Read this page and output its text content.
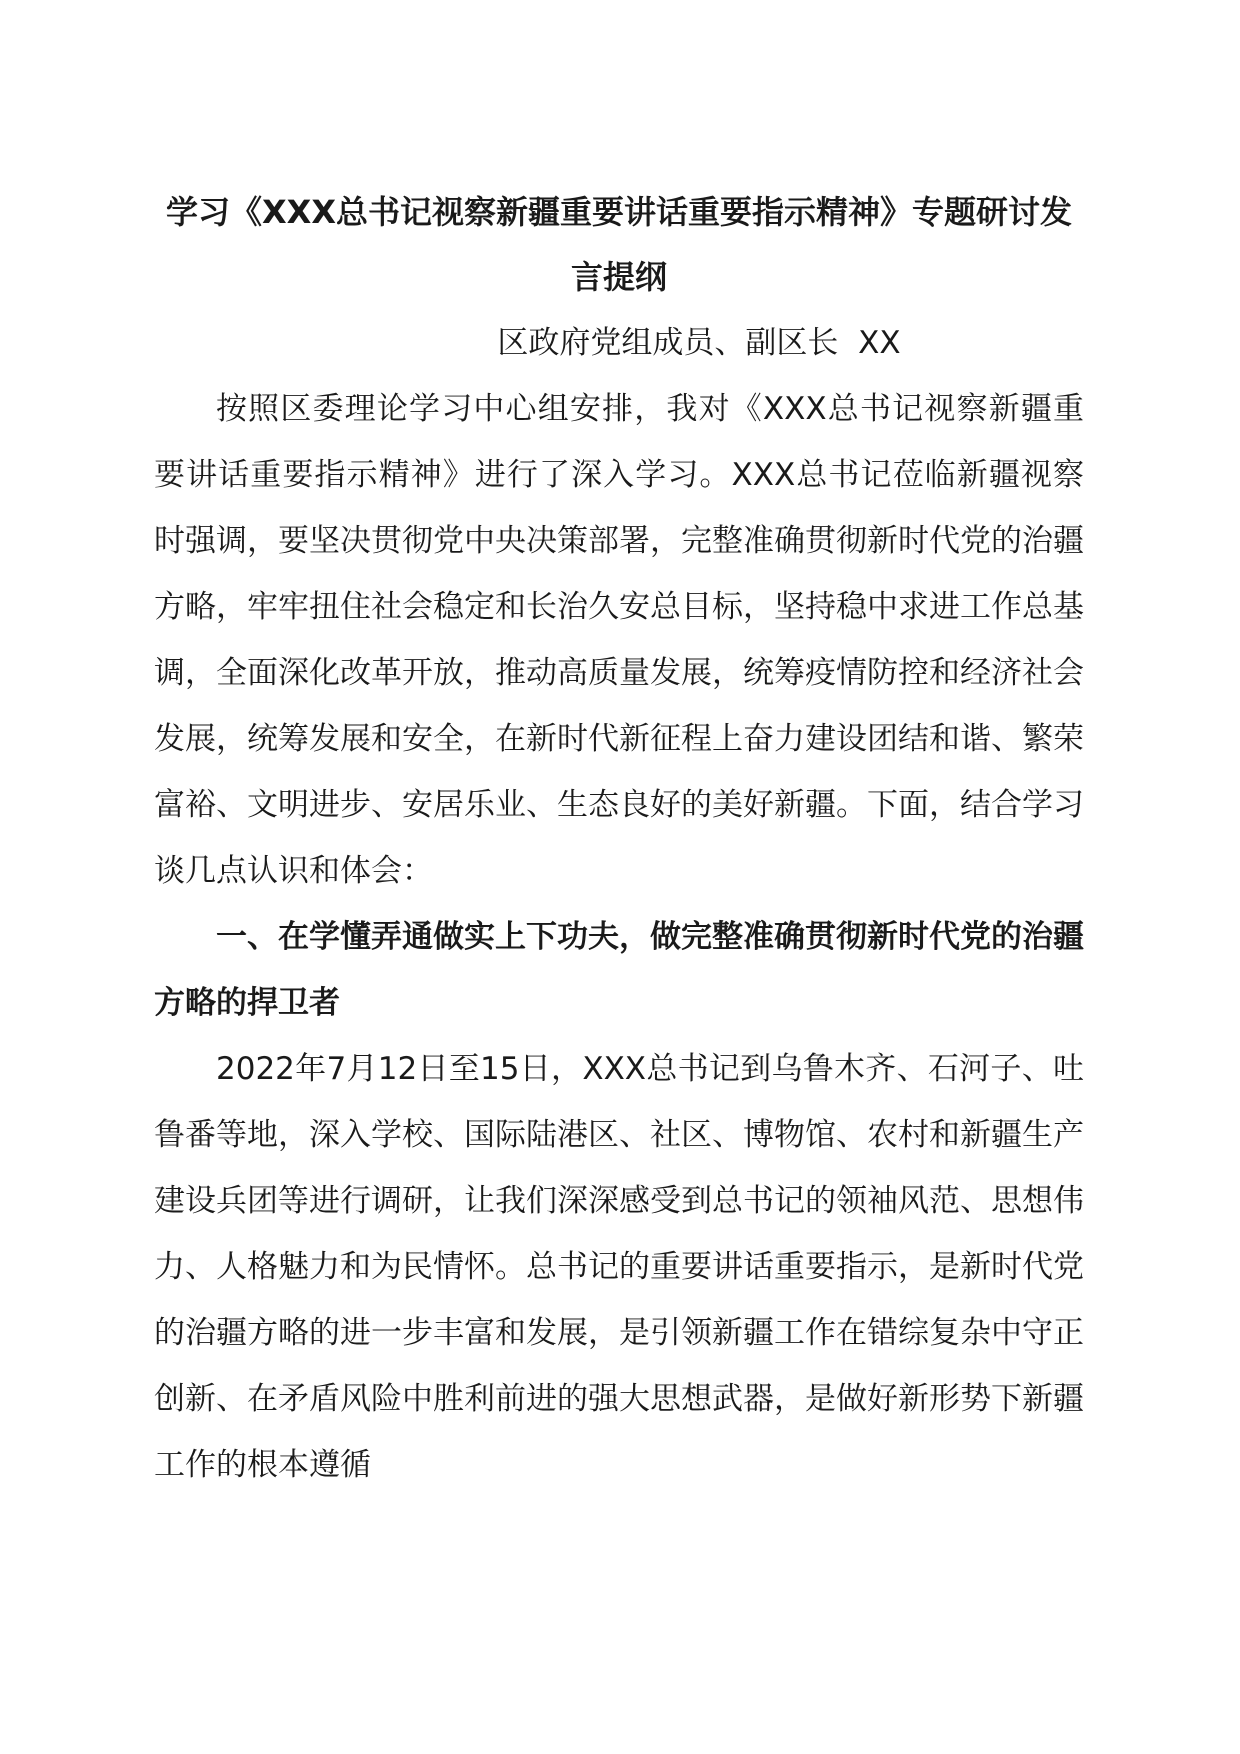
学习《XXX总书记视察新疆重要讲话重要指示精神》专题研讨发言提纲

区政府党组成员、副区长  XX

按照区委理论学习中心组安排，我对《XXX总书记视察新疆重要讲话重要指示精神》进行了深入学习。XXX总书记莅临新疆视察时强调，要坚决贯彻党中央决策部署，完整准确贯彻新时代党的治疆方略，牢牢扭住社会稳定和长治久安总目标，坚持稳中求进工作总基调，全面深化改革开放，推动高质量发展，统筹疫情防控和经济社会发展，统筹发展和安全，在新时代新征程上奋力建设团结和谐、繁荣富裕、文明进步、安居乐业、生态良好的美好新疆。下面，结合学习谈几点认识和体会：

一、在学懂弄通做实上下功夫，做完整准确贯彻新时代党的治疆方略的捍卫者

2022年7月12日至15日，XXX总书记到乌鲁木齐、石河子、吐鲁番等地，深入学校、国际陆港区、社区、博物馆、农村和新疆生产建设兵团等进行调研，让我们深深感受到总书记的领袖风范、思想伟力、人格魅力和为民情怀。总书记的重要讲话重要指示，是新时代党的治疆方略的进一步丰富和发展，是引领新疆工作在错综复杂中守正创新、在矛盾风险中胜利前进的强大思想武器，是做好新形势下新疆工作的根本遵循
